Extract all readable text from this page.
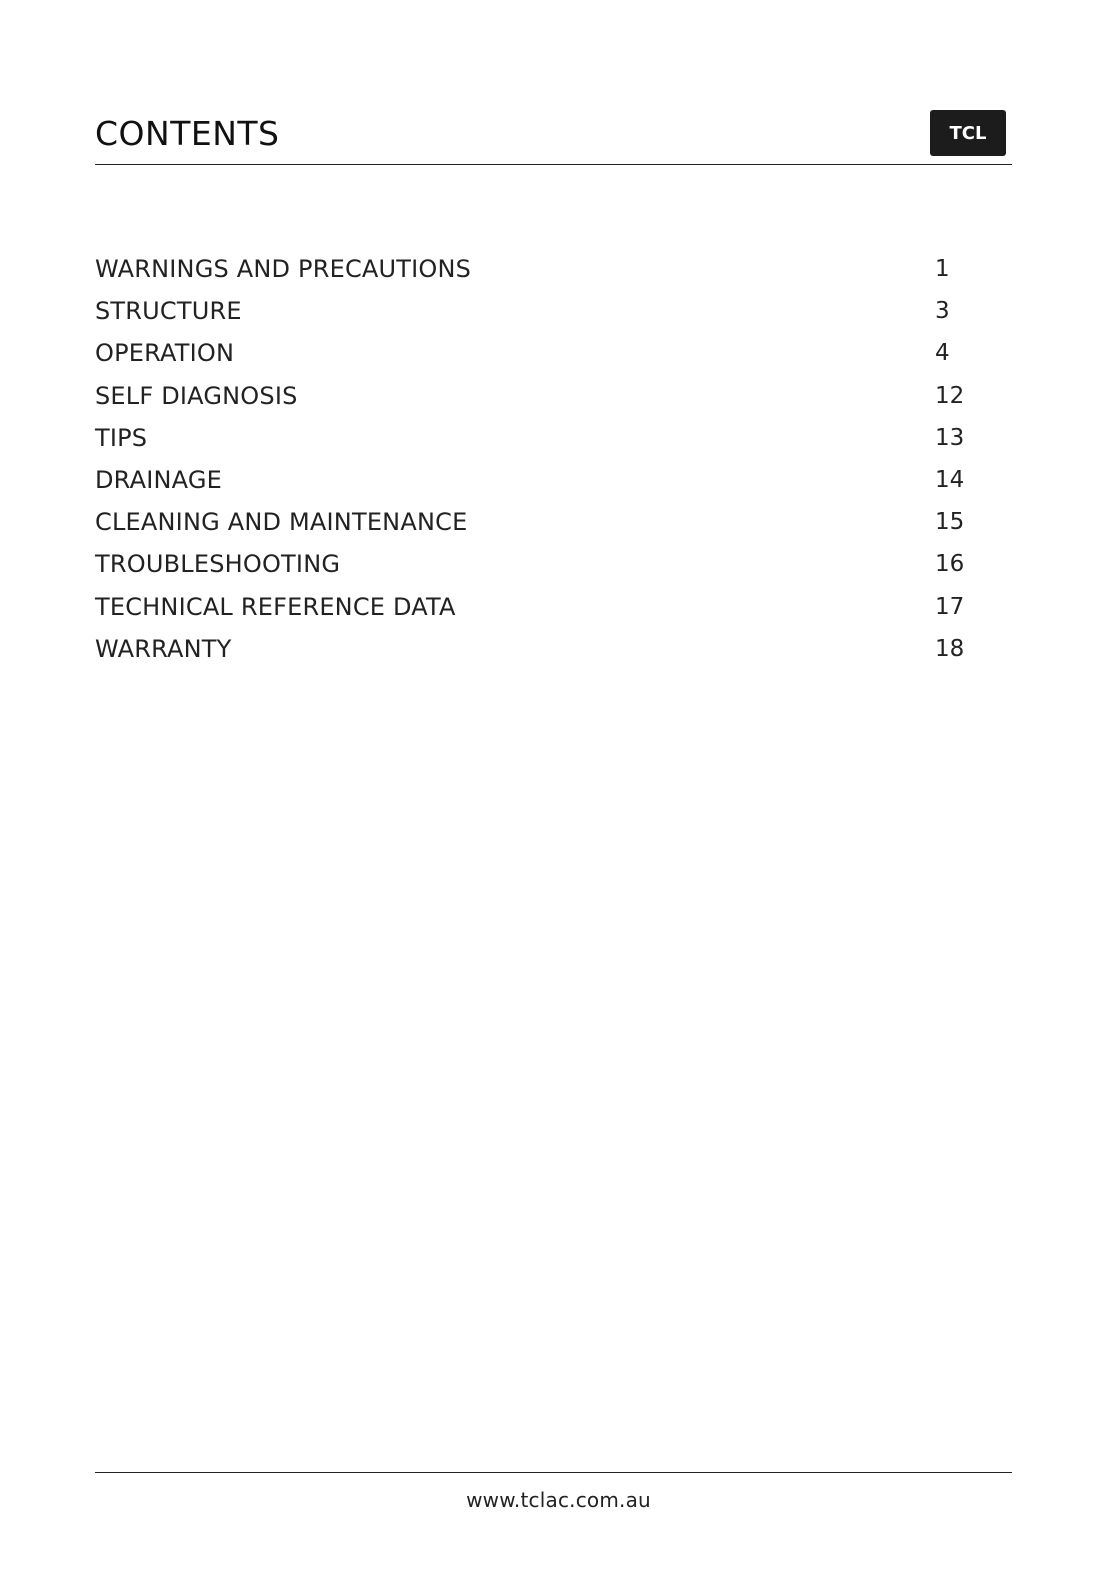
CONTENTS	TCL
WARNINGS AND PRECAUTIONS	1
STRUCTURE	3
OPERATION	4
SELF DIAGNOSIS	12
TIPS	13
DRAINAGE	14
CLEANING AND MAINTENANCE	15
TROUBLESHOOTING	16
TECHNICAL REFERENCE DATA	17
WARRANTY	18
www.tclac.com.au
